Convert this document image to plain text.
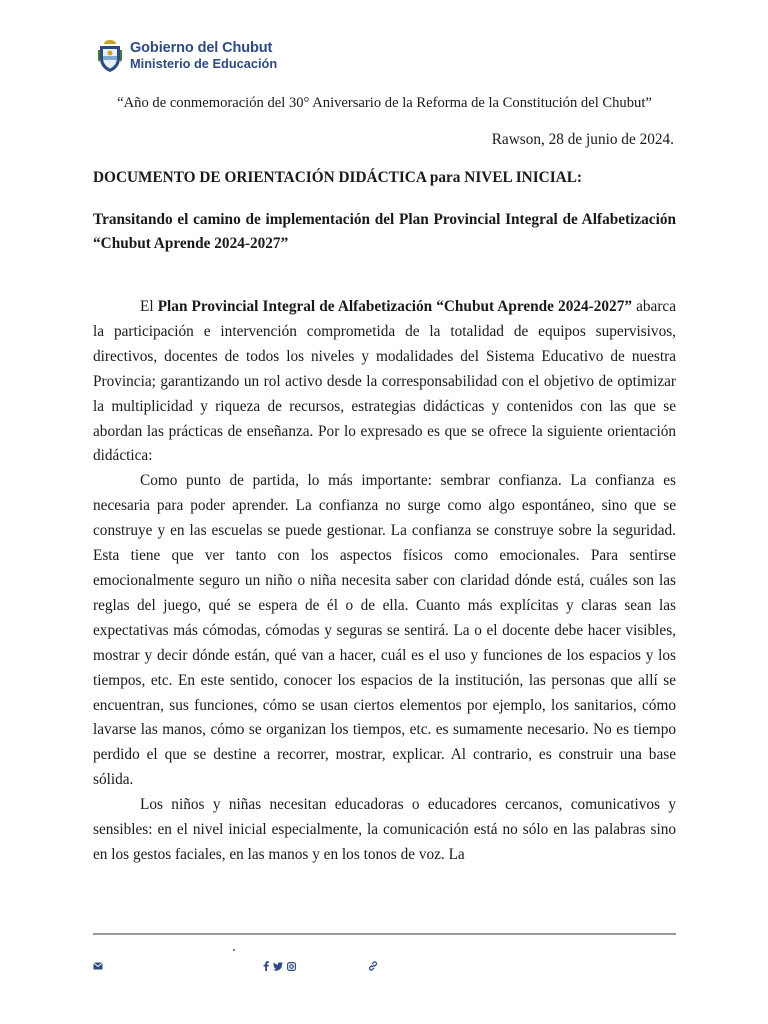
Gobierno del Chubut
Ministerio de Educación
“Año de conmemoración del 30° Aniversario de la Reforma de la Constitución del Chubut”
Rawson, 28 de junio de 2024.
DOCUMENTO DE ORIENTACIÓN DIDÁCTICA para NIVEL INICIAL:
Transitando el camino de implementación del Plan Provincial Integral de Alfabetización “Chubut Aprende 2024-2027”

El Plan Provincial Integral de Alfabetización “Chubut Aprende 2024-2027” abarca la participación e intervención comprometida de la totalidad de equipos supervisivos, directivos, docentes de todos los niveles y modalidades del Sistema Educativo de nuestra Provincia; garantizando un rol activo desde la corresponsabilidad con el objetivo de optimizar la multiplicidad y riqueza de recursos, estrategias didácticas y contenidos con las que se abordan las prácticas de enseñanza. Por lo expresado es que se ofrece la siguiente orientación didáctica:

Como punto de partida, lo más importante: sembrar confianza. La confianza es necesaria para poder aprender. La confianza no surge como algo espontáneo, sino que se construye y en las escuelas se puede gestionar. La confianza se construye sobre la seguridad. Esta tiene que ver tanto con los aspectos físicos como emocionales. Para sentirse emocionalmente seguro un niño o niña necesita saber con claridad dónde está, cuáles son las reglas del juego, qué se espera de él o de ella. Cuanto más explícitas y claras sean las expectativas más cómodas, cómodas y seguras se sentirá. La o el docente debe hacer visibles, mostrar y decir dónde están, qué van a hacer, cuál es el uso y funciones de los espacios y los tiempos, etc. En este sentido, conocer los espacios de la institución, las personas que allí se encuentran, sus funciones, cómo se usan ciertos elementos por ejemplo, los sanitarios, cómo lavarse las manos, cómo se organizan los tiempos, etc. es sumamente necesario. No es tiempo perdido el que se destine a recorrer, mostrar, explicar. Al contrario, es construir una base sólida.

Los niños y niñas necesitan educadoras o educadores cercanos, comunicativos y sensibles: en el nivel inicial especialmente, la comunicación está no sólo en las palabras sino en los gestos faciales, en las manos y en los tonos de voz. La
